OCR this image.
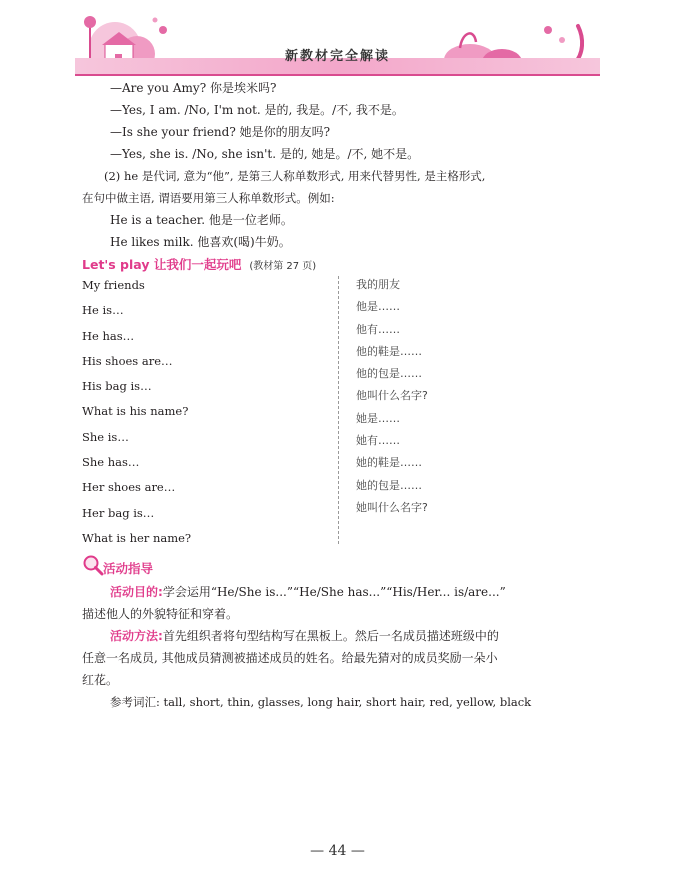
新教材完全解读
—Are you Amy? 你是埃米吗?
—Yes, I am. /No, I'm not. 是的, 我是。/不, 我不是。
—Is she your friend? 她是你的朋友吗?
—Yes, she is. /No, she isn't. 是的, 她是。/不, 她不是。
(2) he 是代词, 意为“他”, 是第三人称单数形式, 用来代替男性, 是主格形式,
在句中做主语, 谓语要用第三人称单数形式。例如:
He is a teacher. 他是一位老师。
He likes milk. 他喜欢(喝)牛奶。
Let's play 让我们一起玩吧 (教材第 27 页)
My friends
He is…
He has…
His shoes are…
His bag is…
What is his name?
She is…
She has…
Her shoes are…
Her bag is…
What is her name?
我的朋友
他是……
他有……
他的鞋是……
他的包是……
他叫什么名字?
她是……
她有……
她的鞋是……
她的包是……
她叫什么名字?
活动指导
活动目的:学会运用“He/She is...”“He/She has...”“His/Her... is/are...”
描述他人的外貌特征和穿着。
活动方法:首先组织者将句型结构写在黑板上。然后一名成员描述班级中的
任意一名成员, 其他成员猜测被描述成员的姓名。给最先猜对的成员奖励一朵小
红花。
参考词汇: tall, short, thin, glasses, long hair, short hair, red, yellow, black
— 44 —
